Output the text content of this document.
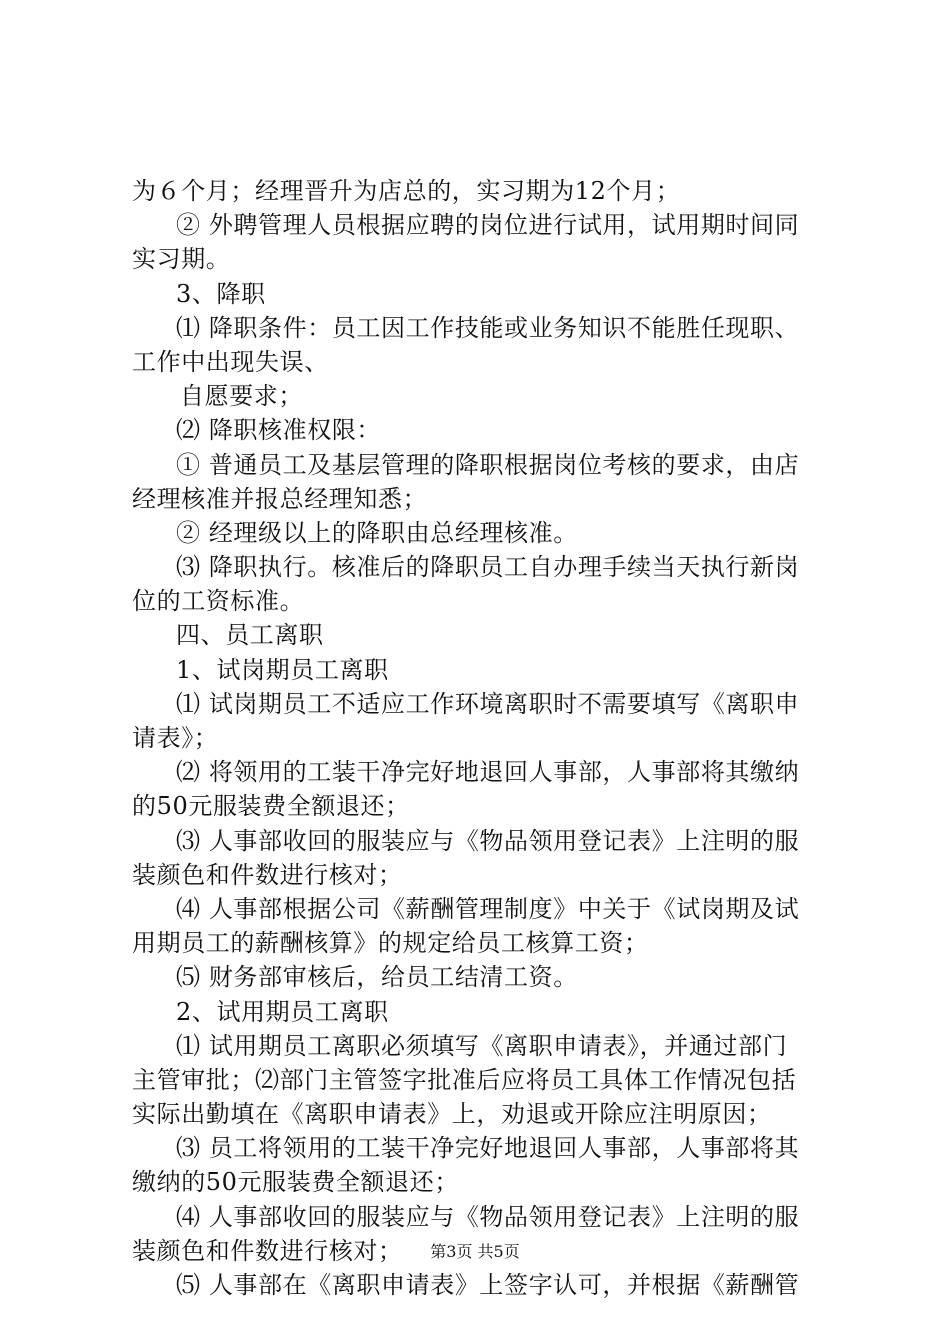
为６个月；经理晋升为店总的，实习期为12个月；
② 外聘管理人员根据应聘的岗位进行试用，试用期时间同
实习期。
3、降职
⑴ 降职条件：员工因工作技能或业务知识不能胜任现职、
工作中出现失误、
自愿要求；
⑵ 降职核准权限：
① 普通员工及基层管理的降职根据岗位考核的要求，由店
经理核准并报总经理知悉；
② 经理级以上的降职由总经理核准。
⑶ 降职执行。核准后的降职员工自办理手续当天执行新岗
位的工资标准。
四、员工离职
1、试岗期员工离职
⑴ 试岗期员工不适应工作环境离职时不需要填写《离职申
请表》；
⑵ 将领用的工装干净完好地退回人事部，人事部将其缴纳
的50元服装费全额退还；
⑶ 人事部收回的服装应与《物品领用登记表》上注明的服
装颜色和件数进行核对；
⑷ 人事部根据公司《薪酬管理制度》中关于《试岗期及试
用期员工的薪酬核算》的规定给员工核算工资；
⑸ 财务部审核后，给员工结清工资。
2、试用期员工离职
⑴ 试用期员工离职必须填写《离职申请表》，并通过部门
主管审批；⑵部门主管签字批准后应将员工具体工作情况包括
实际出勤填在《离职申请表》上，劝退或开除应注明原因；
⑶ 员工将领用的工装干净完好地退回人事部，人事部将其
缴纳的50元服装费全额退还；
⑷ 人事部收回的服装应与《物品领用登记表》上注明的服
装颜色和件数进行核对；
⑸ 人事部在《离职申请表》上签字认可，并根据《薪酬管
第3页 共5页
